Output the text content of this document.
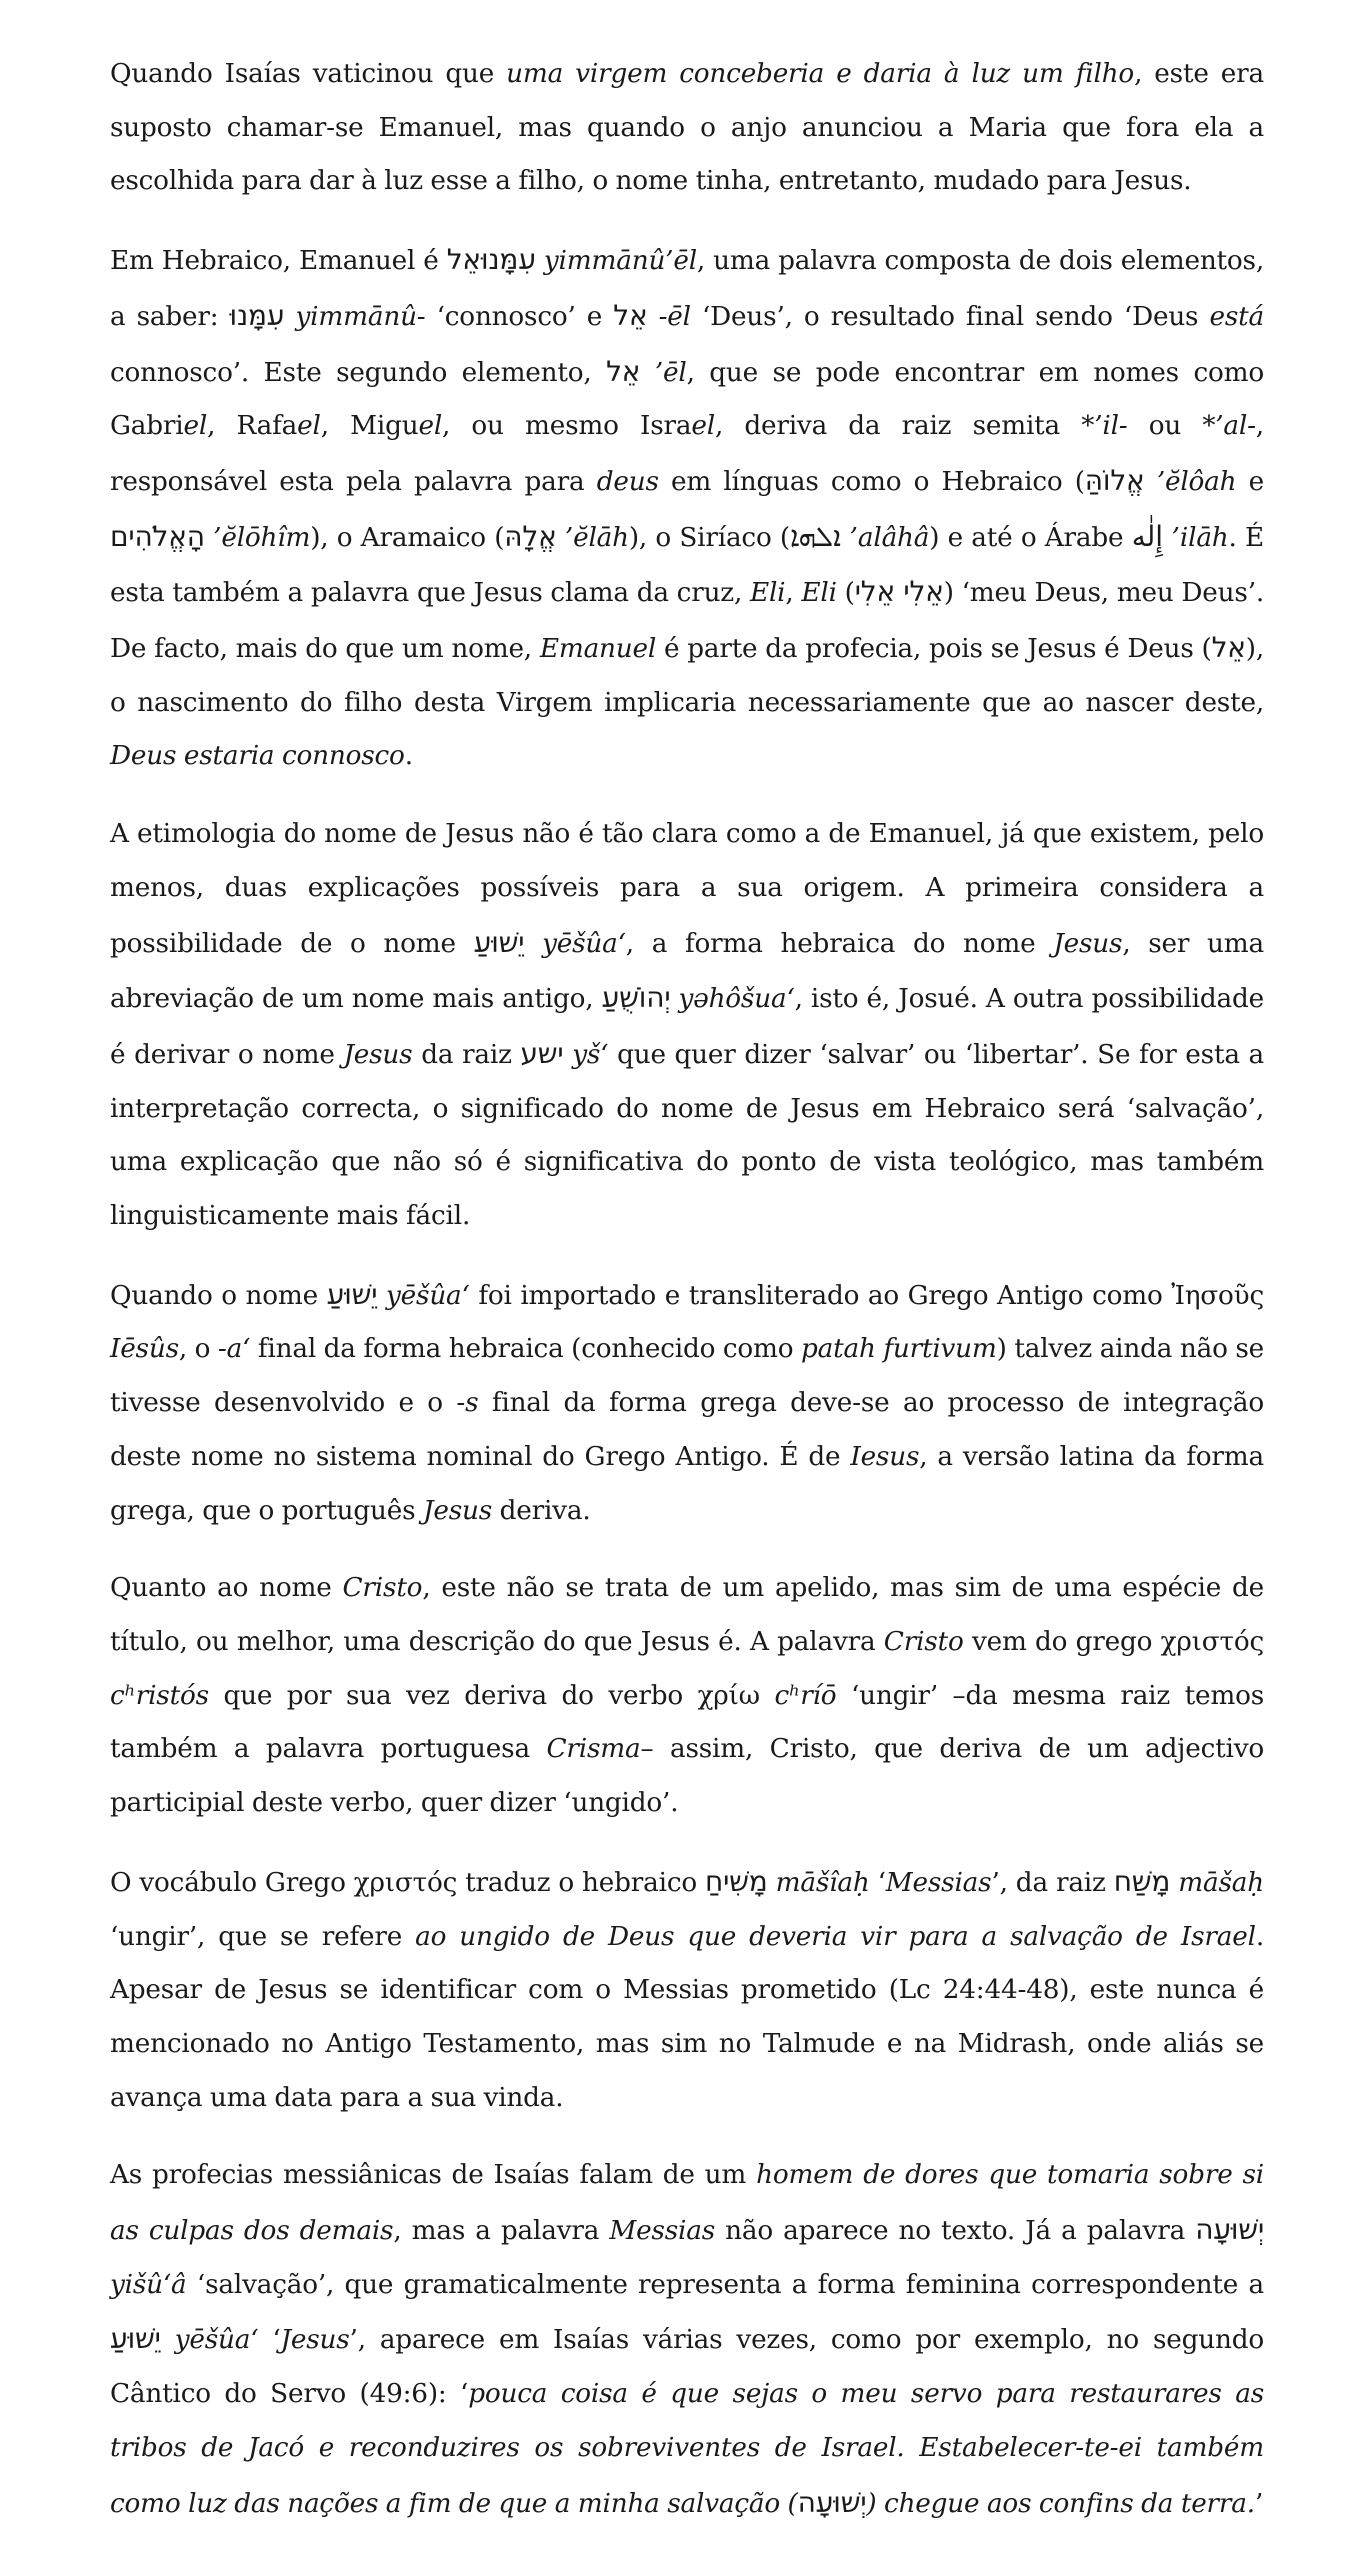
Quando Isaías vaticinou que uma virgem conceberia e daria à luz um filho, este era suposto chamar-se Emanuel, mas quando o anjo anunciou a Maria que fora ela a escolhida para dar à luz esse a filho, o nome tinha, entretanto, mudado para Jesus.

Em Hebraico, Emanuel é עִמָּנוּאֵל yimmānû’ēl, uma palavra composta de dois elementos, a saber: עִמָּנוּ yimmānû- ‘connosco’ e אֵל -ēl ‘Deus’, o resultado final sendo ‘Deus está connosco’. Este segundo elemento, אֵל ’ēl, que se pode encontrar em nomes como Gabriel, Rafael, Miguel, ou mesmo Israel, deriva da raiz semita *’il- ou *’al-, responsável esta pela palavra para deus em línguas como o Hebraico (אֱלוֹהַּ ’ĕlôah e הָאֱלֹהִים ’ĕlōhîm), o Aramaico (אֱלָהּ ’ĕlāh), o Siríaco (ܐܠܗܐ ’alâhâ) e até o Árabe إِلٰه ’ilāh. É esta também a palavra que Jesus clama da cruz, Eli, Eli (אֵלִי אֵלִי) ‘meu Deus, meu Deus’. De facto, mais do que um nome, Emanuel é parte da profecia, pois se Jesus é Deus (אֵל), o nascimento do filho desta Virgem implicaria necessariamente que ao nascer deste, Deus estaria connosco.

A etimologia do nome de Jesus não é tão clara como a de Emanuel, já que existem, pelo menos, duas explicações possíveis para a sua origem. A primeira considera a possibilidade de o nome יֵשׁוּעַ yēšûa‘, a forma hebraica do nome Jesus, ser uma abreviação de um nome mais antigo, יְהוֹשֻׁעַ yəhôšua‘, isto é, Josué. A outra possibilidade é derivar o nome Jesus da raiz ישע yš‘ que quer dizer ‘salvar’ ou ‘libertar’. Se for esta a interpretação correcta, o significado do nome de Jesus em Hebraico será ‘salvação’, uma explicação que não só é significativa do ponto de vista teológico, mas também linguisticamente mais fácil.

Quando o nome יֵשׁוּעַ yēšûa‘ foi importado e transliterado ao Grego Antigo como Ἰησοῦς Iēsûs, o -a‘ final da forma hebraica (conhecido como patah furtivum) talvez ainda não se tivesse desenvolvido e o -s final da forma grega deve-se ao processo de integração deste nome no sistema nominal do Grego Antigo. É de Iesus, a versão latina da forma grega, que o português Jesus deriva.

Quanto ao nome Cristo, este não se trata de um apelido, mas sim de uma espécie de título, ou melhor, uma descrição do que Jesus é. A palavra Cristo vem do grego χριστός cʰristós que por sua vez deriva do verbo χρίω cʰríō ‘ungir’ –da mesma raiz temos também a palavra portuguesa Crisma– assim, Cristo, que deriva de um adjectivo participial deste verbo, quer dizer ‘ungido’.

O vocábulo Grego χριστός traduz o hebraico מָשִׁיחַ māšîaḥ ‘Messias’, da raiz מָשַׁח māšaḥ ‘ungir’, que se refere ao ungido de Deus que deveria vir para a salvação de Israel. Apesar de Jesus se identificar com o Messias prometido (Lc 24:44-48), este nunca é mencionado no Antigo Testamento, mas sim no Talmude e na Midrash, onde aliás se avança uma data para a sua vinda.

As profecias messiânicas de Isaías falam de um homem de dores que tomaria sobre si as culpas dos demais, mas a palavra Messias não aparece no texto. Já a palavra יְשׁוּעָה yišû‘â ‘salvação’, que gramaticalmente representa a forma feminina correspondente a יֵשׁוּעַ yēšûa‘ ‘Jesus’, aparece em Isaías várias vezes, como por exemplo, no segundo Cântico do Servo (49:6): ‘pouca coisa é que sejas o meu servo para restaurares as tribos de Jacó e reconduzires os sobreviventes de Israel. Estabelecer-te-ei também como luz das nações a fim de que a minha salvação (יְשׁוּעָה) chegue aos confins da terra.’
